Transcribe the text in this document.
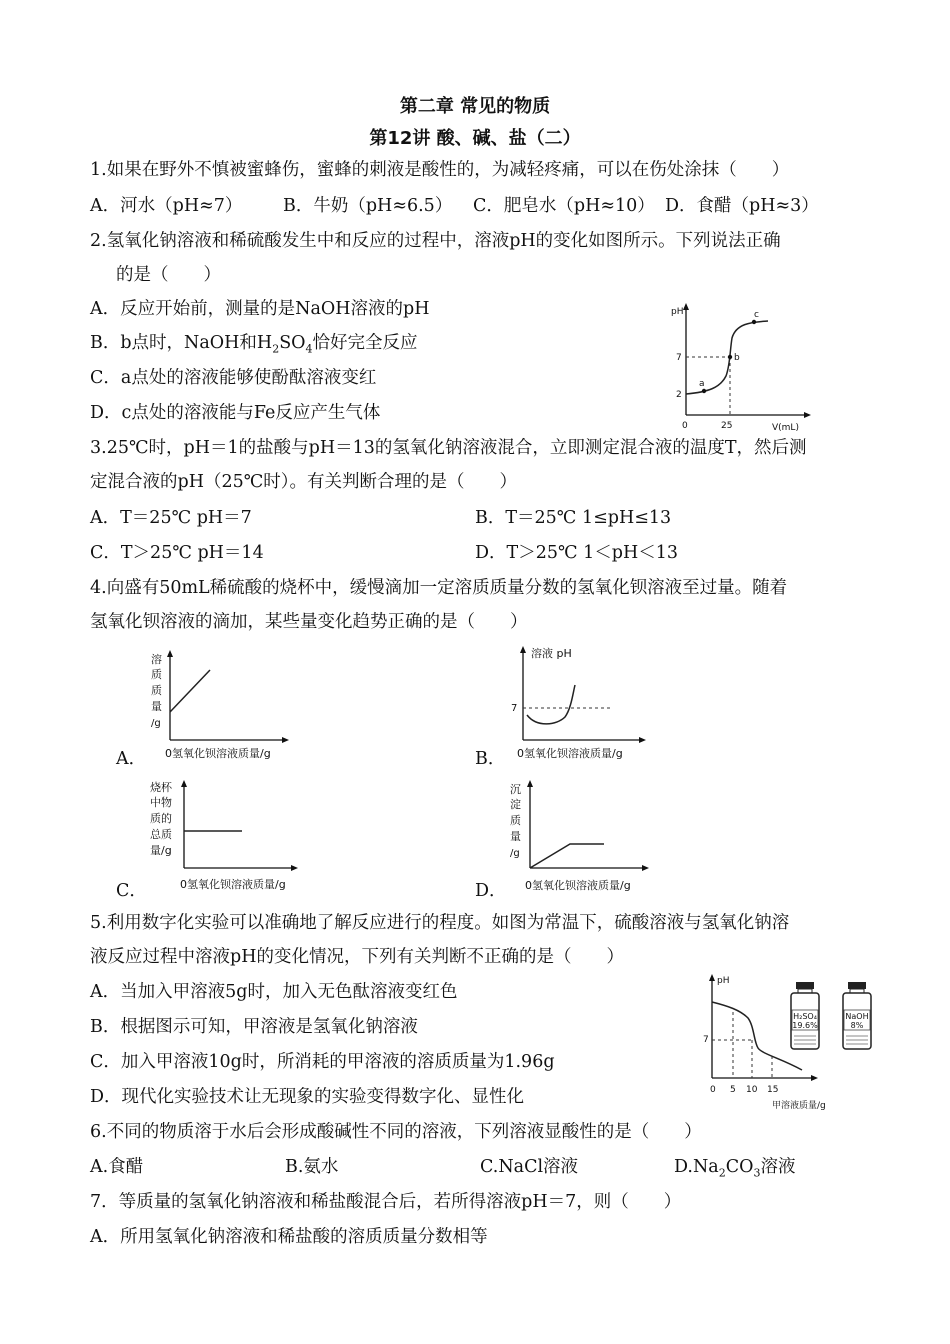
第二章 常见的物质
第12讲 酸、碱、盐（二）
1.如果在野外不慎被蜜蜂伤，蜜蜂的刺液是酸性的，为减轻疼痛，可以在伤处涂抹（　　）
A．河水（pH≈7） B．牛奶（pH≈6.5） C．肥皂水（pH≈10） D．食醋（pH≈3）
2.氢氧化钠溶液和稀硫酸发生中和反应的过程中，溶液pH的变化如图所示。下列说法正确
的是（　　）
A．反应开始前，测量的是NaOH溶液的pH
B．b点时，NaOH和$H_2SO_4$恰好完全反应
C．a点处的溶液能够使酚酞溶液变红
D．c点处的溶液能与Fe反应产生气体
pH
V(mL)
0	25
7
2
a
b
c
3.25℃时，pH＝1的盐酸与pH＝13的氢氧化钠溶液混合，立即测定混合液的温度T，然后测
定混合液的pH（25℃时）。有关判断合理的是（　　）
A．T＝25℃ pH＝7	B．T＝25℃ 1≤pH≤13
C．T＞25℃ pH＝14	D．T＞25℃ 1＜pH＜13
4.向盛有50mL稀硫酸的烧杯中，缓慢滴加一定溶质质量分数的氢氧化钡溶液至过量。随着
氢氧化钡溶液的滴加，某些量变化趋势正确的是（　　）
A．
溶
质
质
量
/g
0氢氧化钡溶液质量/g	B．
溶液 pH
7
0氢氧化钡溶液质量/g
C．
烧杯
中物
质的
总质
量/g
0氢氧化钡溶液质量/g	D．
沉
淀
质
量
/g
0氢氧化钡溶液质量/g
5.利用数字化实验可以准确地了解反应进行的程度。如图为常温下，硫酸溶液与氢氧化钠溶
液反应过程中溶液pH的变化情况，下列有关判断不正确的是（　　）
A．当加入甲溶液5g时，加入无色酞溶液变红色
B．根据图示可知，甲溶液是氢氧化钠溶液
C．加入甲溶液10g时，所消耗的甲溶液的溶质质量为1.96g
D．现代化实验技术让无现象的实验变得数字化、显性化
pH
7
0 5 10 15
甲溶液质量/g
H₂SO₄
19.6%
NaOH
8%
6.不同的物质溶于水后会形成酸碱性不同的溶液，下列溶液显酸性的是（　　）
A.食醋	B.氨水	C.NaCl溶液	$D.Na_2CO_3$溶液
7．等质量的氢氧化钠溶液和稀盐酸混合后，若所得溶液pH＝7，则（　　）
A．所用氢氧化钠溶液和稀盐酸的溶质质量分数相等
